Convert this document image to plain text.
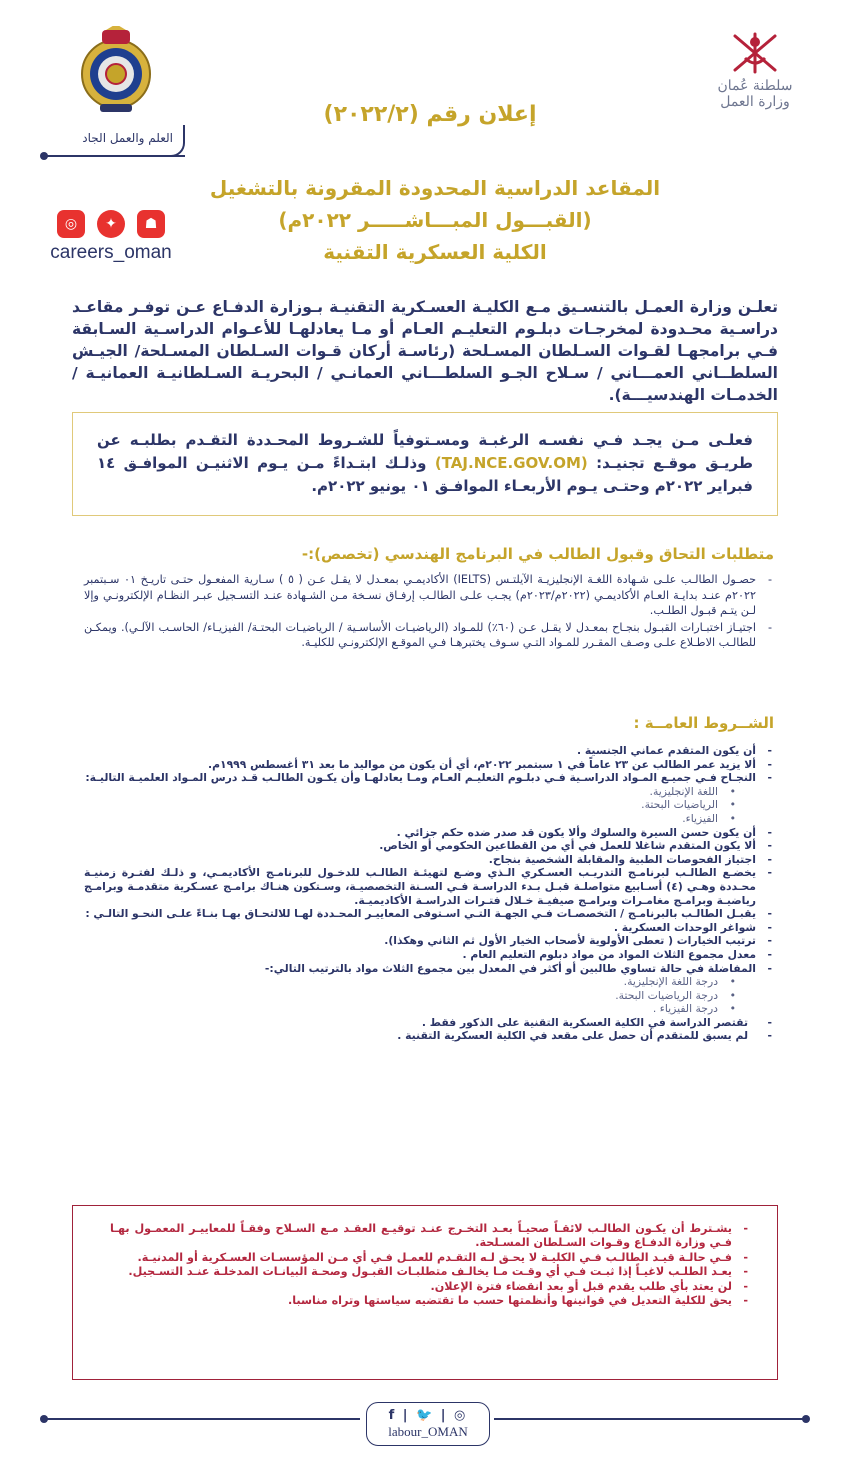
سلطنة عُمان
وزارة العمل
العلم والعمل الجاد
إعلان رقم (٢٠٢٢/٢)
المقاعد الدراسية المحدودة المقرونة بالتشغيل
(القبـــول المبـــاشـــــر ٢٠٢٢م)
الكلية العسكرية التقنية
◎	✦	☗
careers_oman
تعلـن وزارة العمـل بالتنسـيق مـع الكليـة العسـكرية التقنيـة بـوزارة الدفـاع عـن توفـر مقاعـد دراسـية محـدودة لمخرجـات دبلـوم التعليـم العـام أو مـا يعادلهـا للأعـوام الدراسـية السـابقة فـي برامجهـا لقـوات السـلطان المسـلحة (رئاسـة أركان قـوات السـلطان المسـلحة/ الجيـش السلطــاني العمـــاني / سـلاح الجـو السلطـــاني العمانـي / البحريـة السـلطانيـة العمانيـة / الخدمـات الهندسيـــة).
فعلـى مـن يجـد فـي نفسـه الرغبـة ومسـتوفياً للشـروط المحـددة التقـدم بطلبـه عن طريـق موقـع تجنيـد: (TAJ.NCE.GOV.OM) وذلـك ابتـداءً مـن يـوم الاثنيـن الموافـق ١٤ فبراير ٢٠٢٢م وحتـى يـوم الأربعـاء الموافـق ٠١ يونيو ٢٠٢٢م.
متطلبات التحاق وقبول الطالب في البرنامج الهندسي (تخصص):-
- حصـول الطالـب علـى شـهادة اللغـة الإنجليزيـة الآيلتـس (IELTS) الأكاديمـي بمعـدل لا يقـل عـن ( ٥ ) سـارية المفعـول حتـى تاريـخ ٠١ سـبتمبر ٢٠٢٢م عنـد بدايـة العـام الأكاديمـي (٢٠٢٢م/٢٠٢٣م) يجـب علـى الطالـب إرفـاق نسـخة مـن الشـهادة عنـد التسـجيل عبـر النظـام الإلكترونـي وإلا لـن يتـم قبـول الطلـب.
- اجتيـاز اختبـارات القبـول بنجـاح بمعـدل لا يقـل عـن (٦٠٪) للمـواد (الرياضيـات الأساسـية / الرياضيـات البحتـة/ الفيزيـاء/ الحاسـب الآلـي). ويمكـن للطالـب الاطـلاع علـى وصـف المقـرر للمـواد التـي سـوف يختبرهـا فـي الموقـع الإلكترونـي للكليـة.
الشــروط العامــة :
- أن يكون المتقدم عماني الجنسية .
- ألا يزيد عمر الطالب عن ٢٣ عاماً في ١ سبتمبر ٢٠٢٢م، أي أن يكون من مواليد ما بعد ٣١ أغسطس ١٩٩٩م.
- النجـاح فـي جميـع المـواد الدراسـية فـي دبلـوم التعليـم العـام ومـا يعادلهـا وأن يكـون الطالـب قـد درس المـواد العلميـة التاليـة:
• اللغة الإنجليزية.
• الرياضيات البحتة.
• الفيزياء.
- أن يكون حسن السيرة والسلوك وألا يكون قد صدر ضده حكم جزائي .
- ألا يكون المتقدم شاغلا للعمل في أي من القطاعين الحكومي أو الخاص.
- اجتياز الفحوصات الطبية والمقابلة الشخصية بنجاح.
- يخضـع الطالـب لبرنامـج التدريـب العسـكري الـذي وضـع لتهيئـة الطالـب للدخـول للبرنامـج الأكاديمـي، و ذلـك لفتـرة زمنيـة محـددة وهـي (٤) أسـابيع متواصلـة قبـل بـدء الدراسـة فـي السـنة التخصصيـة، وسـتكون هنـاك برامـج عسـكرية متقدمـة وبرامـج رياضيـة وبرامـج مغامـرات وبرامـج صيفيـة خـلال فتـرات الدراسـة الأكاديميـة.
- يقبـل الطالـب بالبرنامـج / التخصصـات فـي الجهـة التـي اسـتوفى المعاييـر المحـددة لهـا للالتحـاق بهـا بنـاءً علـى النحـو التالـي :
- شواغر الوحدات العسكرية .
- ترتيب الخيارات ( تعطى الأولوية لأصحاب الخيار الأول ثم الثاني وهكذا).
- معدل مجموع الثلاث المواد من مواد دبلوم التعليم العام .
- المفاضلة في حالة تساوي طالبين أو أكثر في المعدل بين مجموع الثلاث مواد بالترتيب التالي:-
• درجة اللغة الإنجليزية.
• درجة الرياضيات البحتة.
• درجة الفيزياء .
- تقتصر الدراسة في الكلية العسكرية التقنية على الذكور فقط .
- لم يسبق للمتقدم أن حصل على مقعد في الكلية العسكرية التقنية .
- يشـترط أن يكـون الطالـب لائقـاً صحيـاً بعـد التخـرج عنـد توقيـع العقـد مـع السـلاح وفقـاً للمعاييـر المعمـول بهـا فـي وزارة الدفـاع وقـوات السـلطان المسـلحة.
- فـي حالـة قيـد الطالـب فـي الكليـة لا يحـق لـه التقـدم للعمـل فـي أي مـن المؤسسـات العسـكرية أو المدنيـة.
- يعـد الطلـب لاغيـاً إذا ثبـت فـي أي وقـت مـا يخالـف متطلبـات القبـول وصحـة البيانـات المدخلـة عنـد التسـجيل.
- لن يعتد بأي طلب يقدم قبل أو بعد انقضاء فترة الإعلان.
- يحق للكلية التعديل في قوانينها وأنظمتها حسب ما تقتضيه سياستها وتراه مناسبا.
f | 🐦 | ◎
labour_OMAN
